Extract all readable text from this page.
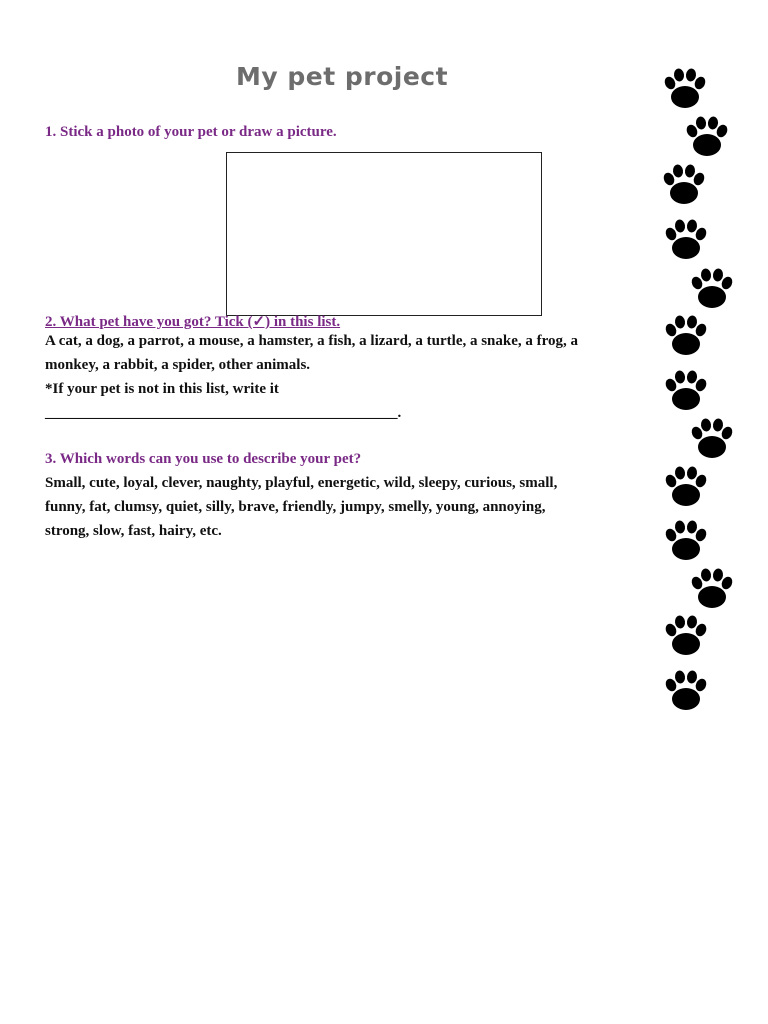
My pet project
1. Stick a photo of your pet or draw a picture.
2. What pet have you got? Tick (✓) in this list.
A cat, a dog, a parrot, a mouse, a hamster, a fish, a lizard, a turtle, a snake, a frog, a
monkey, a rabbit, a spider, other animals.
*If your pet is not in this list, write it
_______________________________________________.
3. Which words can you use to describe your pet?
Small, cute, loyal, clever, naughty, playful, energetic, wild, sleepy, curious, small,
funny, fat, clumsy, quiet, silly, brave, friendly, jumpy, smelly, young, annoying,
strong, slow, fast, hairy, etc.
